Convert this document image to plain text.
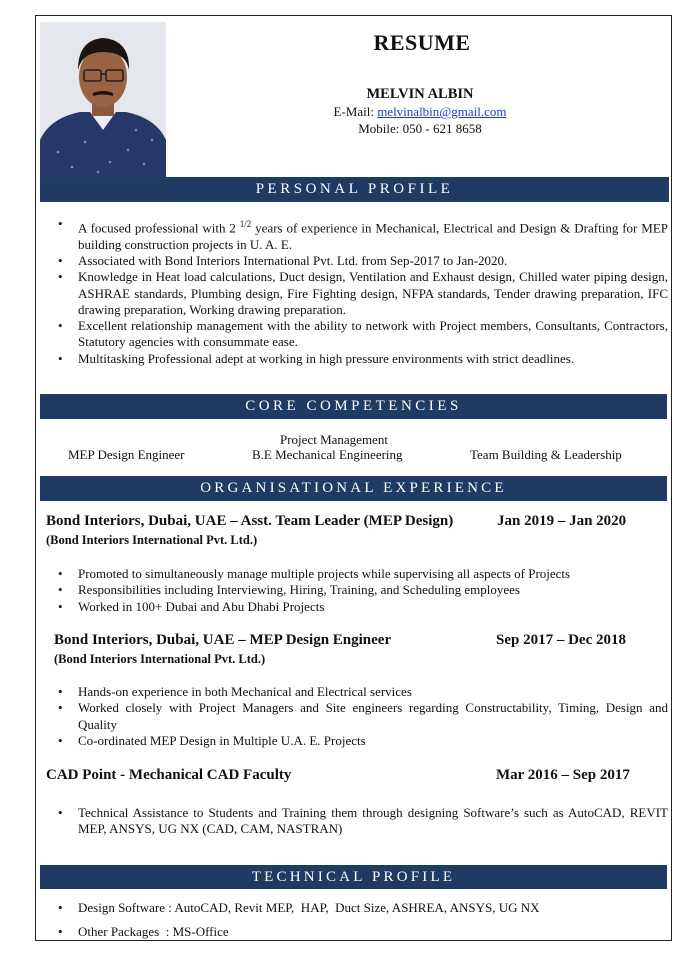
RESUME
MELVIN ALBIN
E-Mail: melvinalbin@gmail.com
Mobile: 050 - 621 8658
PERSONAL PROFILE
• A focused professional with 2 $^{1/2}$ years of experience in Mechanical, Electrical and Design & Drafting for MEP building construction projects in U. A. E.
• Associated with Bond Interiors International Pvt. Ltd. from Sep-2017 to Jan-2020.
• Knowledge in Heat load calculations, Duct design, Ventilation and Exhaust design, Chilled water piping design, ASHRAE standards, Plumbing design, Fire Fighting design, NFPA standards, Tender drawing preparation, IFC drawing preparation, Working drawing preparation.
• Excellent relationship management with the ability to network with Project members, Consultants, Contractors, Statutory agencies with consummate ease.
• Multitasking Professional adept at working in high pressure environments with strict deadlines.
CORE COMPETENCIES
Project Management
MEP Design Engineer	B.E Mechanical Engineering	Team Building & Leadership
ORGANISATIONAL EXPERIENCE
Bond Interiors, Dubai, UAE – Asst. Team Leader (MEP Design)	Jan 2019 – Jan 2020
(Bond Interiors International Pvt. Ltd.)
• Promoted to simultaneously manage multiple projects while supervising all aspects of Projects
• Responsibilities including Interviewing, Hiring, Training, and Scheduling employees
• Worked in 100+ Dubai and Abu Dhabi Projects
Bond Interiors, Dubai, UAE – MEP Design Engineer	Sep 2017 – Dec 2018
(Bond Interiors International Pvt. Ltd.)
• Hands-on experience in both Mechanical and Electrical services
• Worked closely with Project Managers and Site engineers regarding Constructability, Timing, Design and Quality
• Co-ordinated MEP Design in Multiple U.A. E. Projects
CAD Point - Mechanical CAD Faculty	Mar 2016 – Sep 2017
• Technical Assistance to Students and Training them through designing Software’s such as AutoCAD, REVIT MEP, ANSYS, UG NX (CAD, CAM, NASTRAN)
TECHNICAL PROFILE
• Design Software : AutoCAD, Revit MEP,  HAP,  Duct Size, ASHREA, ANSYS, UG NX
• Other Packages  : MS-Office
